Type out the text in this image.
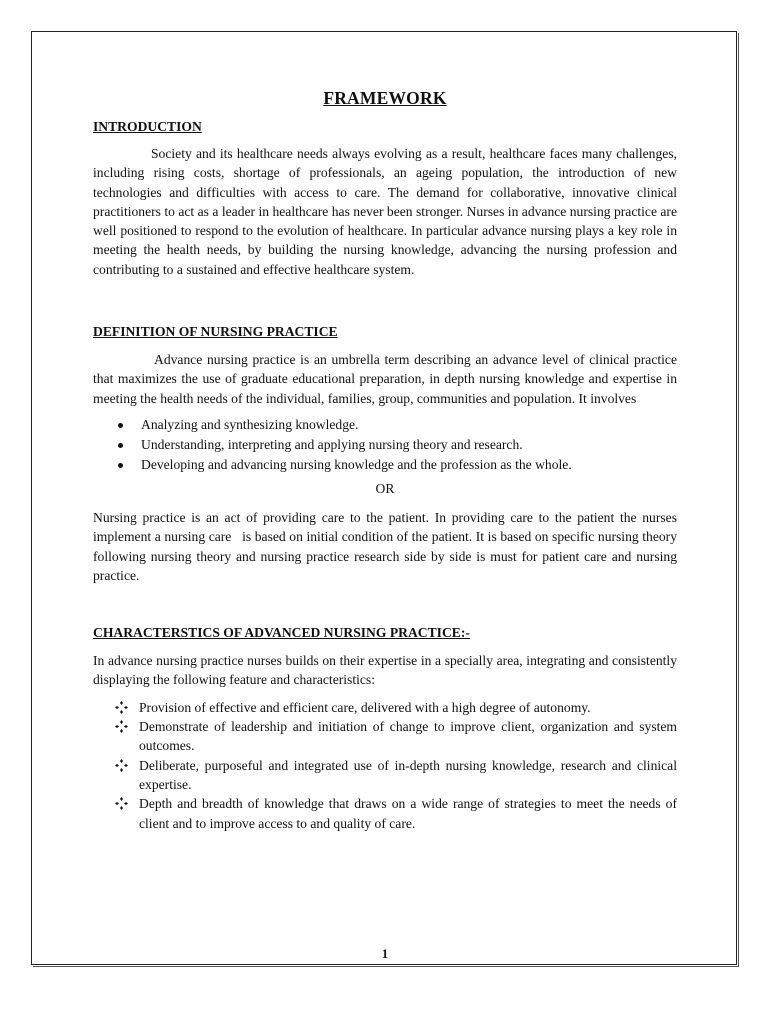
FRAMEWORK
INTRODUCTION

Society and its healthcare needs always evolving as a result, healthcare faces many challenges, including rising costs, shortage of professionals, an ageing population, the introduction of new technologies and difficulties with access to care. The demand for collaborative, innovative clinical practitioners to act as a leader in healthcare has never been stronger. Nurses in advance nursing practice are well positioned to respond to the evolution of healthcare. In particular advance nursing plays a key role in meeting the health needs, by building the nursing knowledge, advancing the nursing profession and contributing to a sustained and effective healthcare system.

DEFINITION OF NURSING PRACTICE

Advance nursing practice is an umbrella term describing an advance level of clinical practice that maximizes the use of graduate educational preparation, in depth nursing knowledge and expertise in meeting the health needs of the individual, families, group, communities and population. It involves

Analyzing and synthesizing knowledge.
Understanding, interpreting and applying nursing theory and research.
Developing and advancing nursing knowledge and the profession as the whole.
OR

Nursing practice is an act of providing care to the patient. In providing care to the patient the nurses implement a nursing care   is based on initial condition of the patient. It is based on specific nursing theory following nursing theory and nursing practice research side by side is must for patient care and nursing practice.

CHARACTERSTICS OF ADVANCED NURSING PRACTICE:-

In advance nursing practice nurses builds on their expertise in a specially area, integrating and consistently displaying the following feature and characteristics:

Provision of effective and efficient care, delivered with a high degree of autonomy.
Demonstrate of leadership and initiation of change to improve client, organization and system outcomes.
Deliberate, purposeful and integrated use of in-depth nursing knowledge, research and clinical expertise.
Depth and breadth of knowledge that draws on a wide range of strategies to meet the needs of client and to improve access to and quality of care.
1
